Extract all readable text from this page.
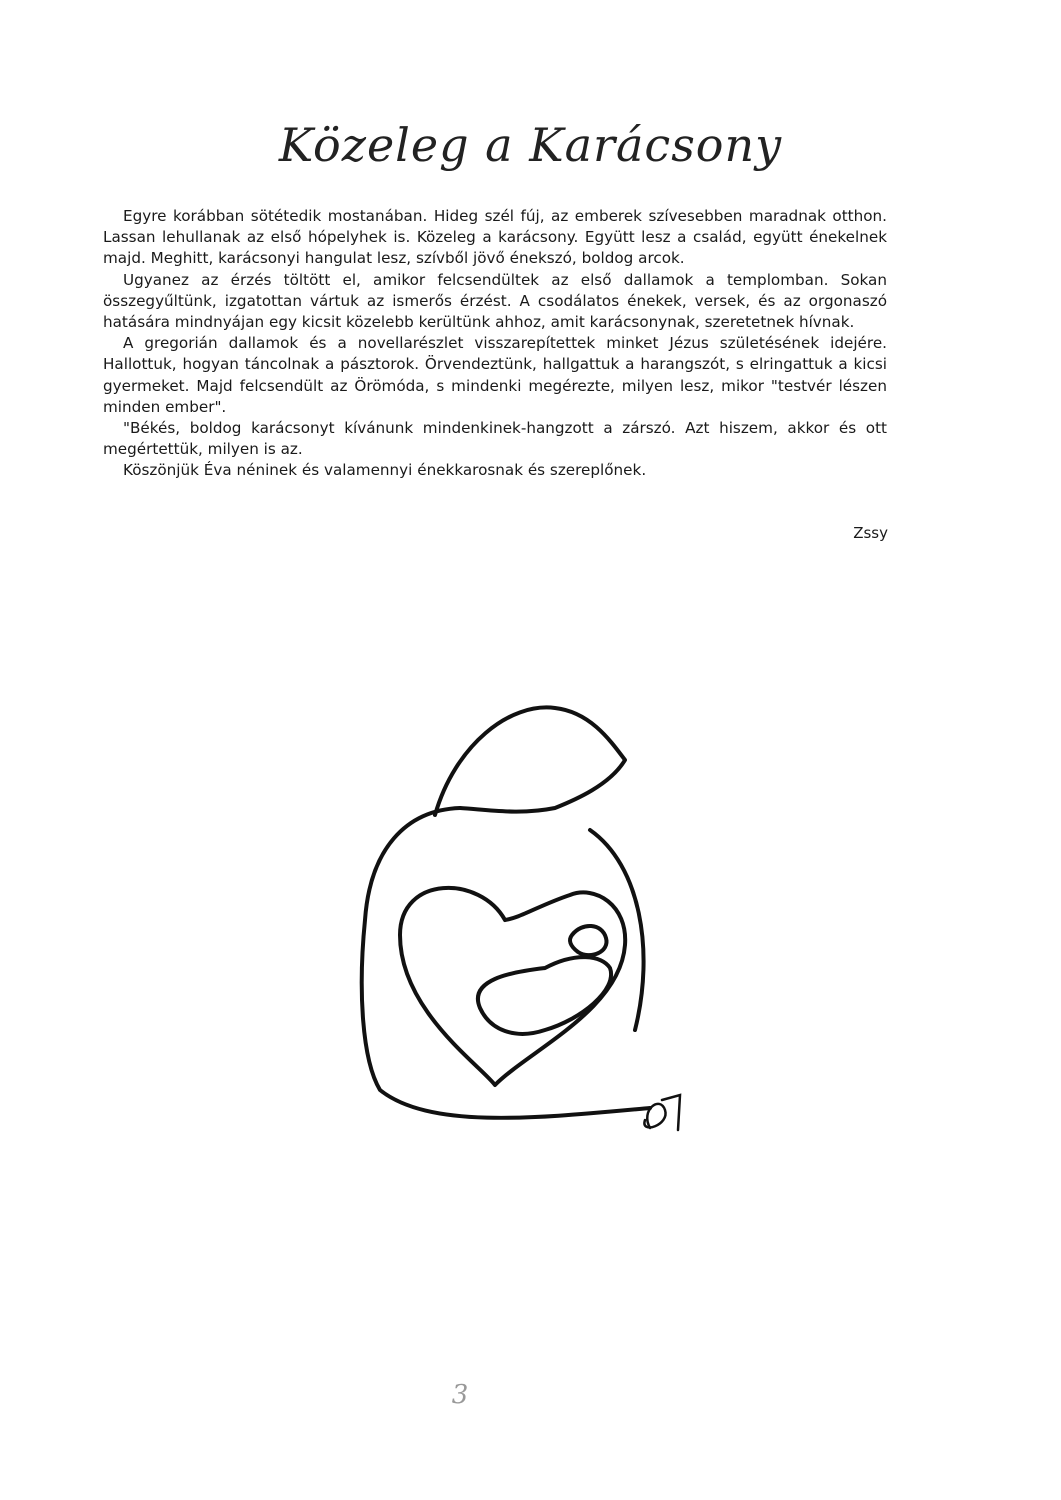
Közeleg a Karácsony

Egyre korábban sötétedik mostanában. Hideg szél fúj, az emberek szívesebben maradnak otthon. Lassan lehullanak az első hópelyhek is. Közeleg a karácsony. Együtt lesz a család, együtt énekelnek majd. Meghitt, karácsonyi hangulat lesz, szívből jövő énekszó, boldog arcok.

Ugyanez az érzés töltött el, amikor felcsendültek az első dallamok a templomban. Sokan összegyűltünk, izgatottan vártuk az ismerős érzést. A csodálatos énekek, versek, és az orgonaszó hatására mindnyájan egy kicsit közelebb kerültünk ahhoz, amit karácsonynak, szeretetnek hívnak.

A gregorián dallamok és a novellarészlet visszarepítettek minket Jézus születésének idejére. Hallottuk, hogyan táncolnak a pásztorok. Örvendeztünk, hallgattuk a harangszót, s elringattuk a kicsi gyermeket. Majd felcsendült az Örömóda, s mindenki megérezte, milyen lesz, mikor "testvér lészen minden ember".

"Békés, boldog karácsonyt kívánunk mindenkinek-hangzott a zárszó. Azt hiszem, akkor és ott megértettük, milyen is az.

Köszönjük Éva néninek és valamennyi énekkarosnak és szereplőnek.

Zssy
3
